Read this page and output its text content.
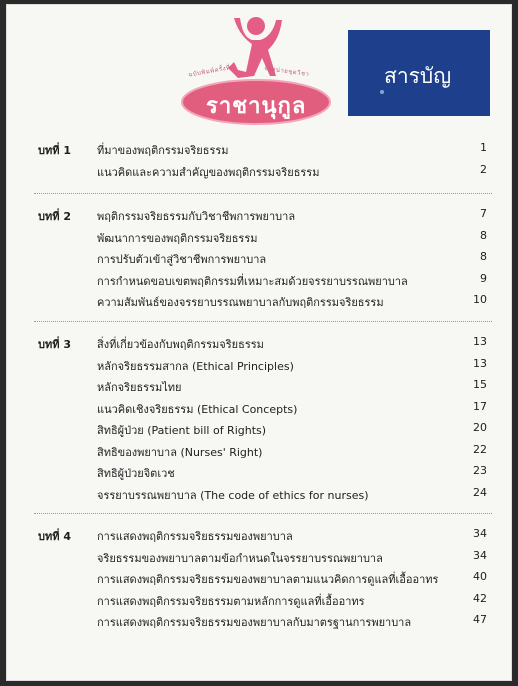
ฉบับพิมพ์ครั้งที่	จำหน่ายชุดวิชา
ราชานุกูล
สารบัญ
บทที่ 1 ที่มาของพฤติกรรมจริยธรรม	1
แนวคิดและความสำคัญของพฤติกรรมจริยธรรม	2
บทที่ 2 พฤติกรรมจริยธรรมกับวิชาชีพการพยาบาล	7
พัฒนาการของพฤติกรรมจริยธรรม	8
การปรับตัวเข้าสู่วิชาชีพการพยาบาล	8
การกำหนดขอบเขตพฤติกรรมที่เหมาะสมด้วยจรรยาบรรณพยาบาล	9
ความสัมพันธ์ของจรรยาบรรณพยาบาลกับพฤติกรรมจริยธรรม	10
บทที่ 3 สิ่งที่เกี่ยวข้องกับพฤติกรรมจริยธรรม	13
หลักจริยธรรมสากล (Ethical Principles)	13
หลักจริยธรรมไทย	15
แนวคิดเชิงจริยธรรม (Ethical Concepts)	17
สิทธิผู้ป่วย (Patient bill of Rights)	20
สิทธิของพยาบาล (Nurses' Right)	22
สิทธิผู้ป่วยจิตเวช	23
จรรยาบรรณพยาบาล (The code of ethics for nurses)	24
บทที่ 4 การแสดงพฤติกรรมจริยธรรมของพยาบาล	34
จริยธรรมของพยาบาลตามข้อกำหนดในจรรยาบรรณพยาบาล	34
การแสดงพฤติกรรมจริยธรรมของพยาบาลตามแนวคิดการดูแลที่เอื้ออาทร	40
การแสดงพฤติกรรมจริยธรรมตามหลักการดูแลที่เอื้ออาทร	42
การแสดงพฤติกรรมจริยธรรมของพยาบาลกับมาตรฐานการพยาบาล	47
